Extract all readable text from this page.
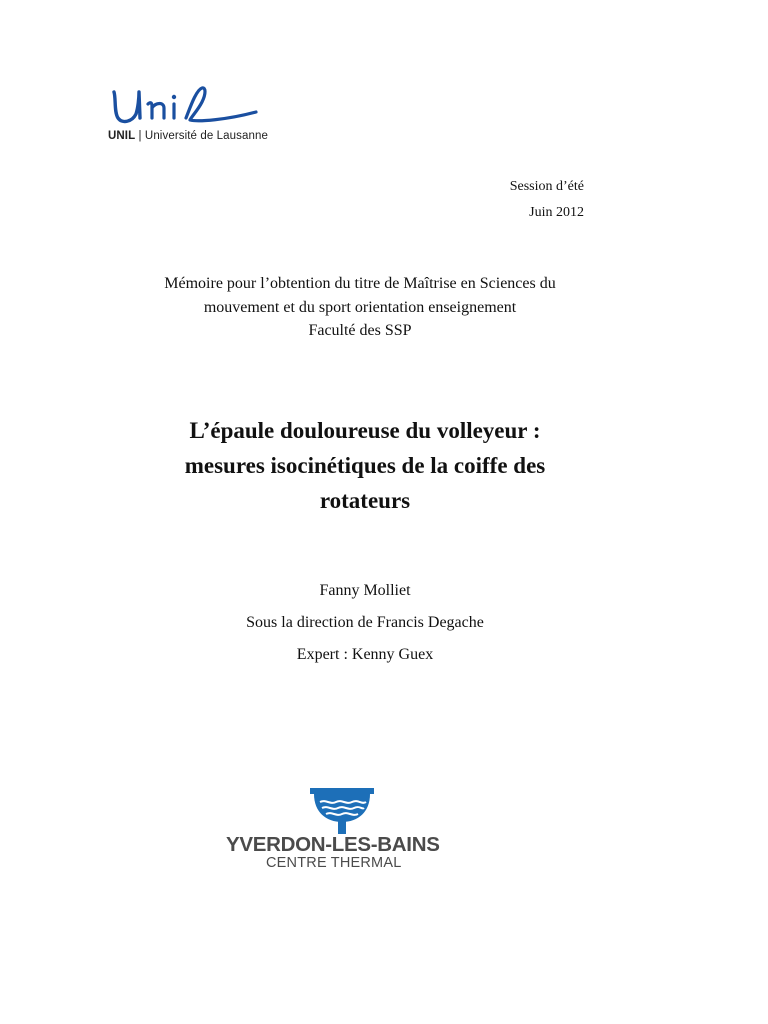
UNIL | Université de Lausanne
Session d’été
Juin 2012
Mémoire pour l’obtention du titre de Maîtrise en Sciences du
mouvement et du sport orientation enseignement
Faculté des SSP
L’épaule douloureuse du volleyeur :
mesures isocinétiques de la coiffe des
rotateurs
Fanny Molliet
Sous la direction de Francis Degache
Expert : Kenny Guex
YVERDON-LES-BAINS
CENTRE THERMAL
